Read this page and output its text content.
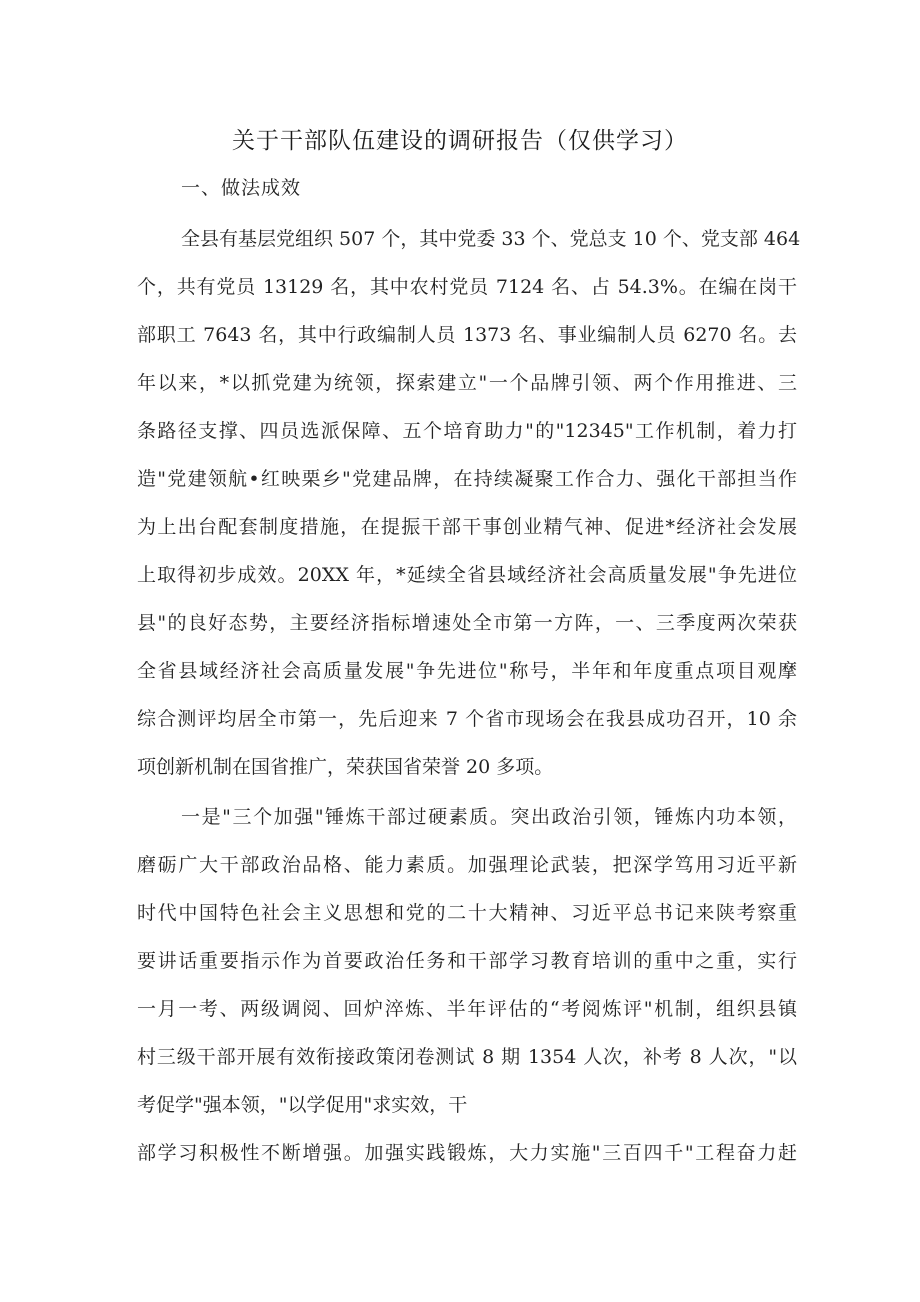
关于干部队伍建设的调研报告（仅供学习）
一、做法成效
全县有基层党组织 507 个，其中党委 33 个、党总支 10 个、党支部 464
个，共有党员 13129 名，其中农村党员 7124 名、占 54.3%。在编在岗干
部职工 7643 名，其中行政编制人员 1373 名、事业编制人员 6270 名。去
年以来，*以抓党建为统领，探索建立"一个品牌引领、两个作用推进、三
条路径支撑、四员选派保障、五个培育助力"的"12345"工作机制，着力打
造"党建领航•红映栗乡"党建品牌，在持续凝聚工作合力、强化干部担当作
为上出台配套制度措施，在提振干部干事创业精气神、促进*经济社会发展
上取得初步成效。20XX 年，*延续全省县域经济社会高质量发展"争先进位
县"的良好态势，主要经济指标增速处全市第一方阵，一、三季度两次荣获
全省县域经济社会高质量发展"争先进位"称号，半年和年度重点项目观摩
综合测评均居全市第一，先后迎来 7 个省市现场会在我县成功召开，10 余
项创新机制在国省推广，荣获国省荣誉 20 多项。
一是"三个加强"锤炼干部过硬素质。突出政治引领，锤炼内功本领，
磨砺广大干部政治品格、能力素质。加强理论武装，把深学笃用习近平新
时代中国特色社会主义思想和党的二十大精神、习近平总书记来陕考察重
要讲话重要指示作为首要政治任务和干部学习教育培训的重中之重，实行
一月一考、两级调阅、回炉淬炼、半年评估的“考阅炼评"机制，组织县镇
村三级干部开展有效衔接政策闭卷测试 8 期 1354 人次，补考 8 人次，"以
考促学"强本领，"以学促用"求实效，干
部学习积极性不断增强。加强实践锻炼，大力实施"三百四千"工程奋力赶
